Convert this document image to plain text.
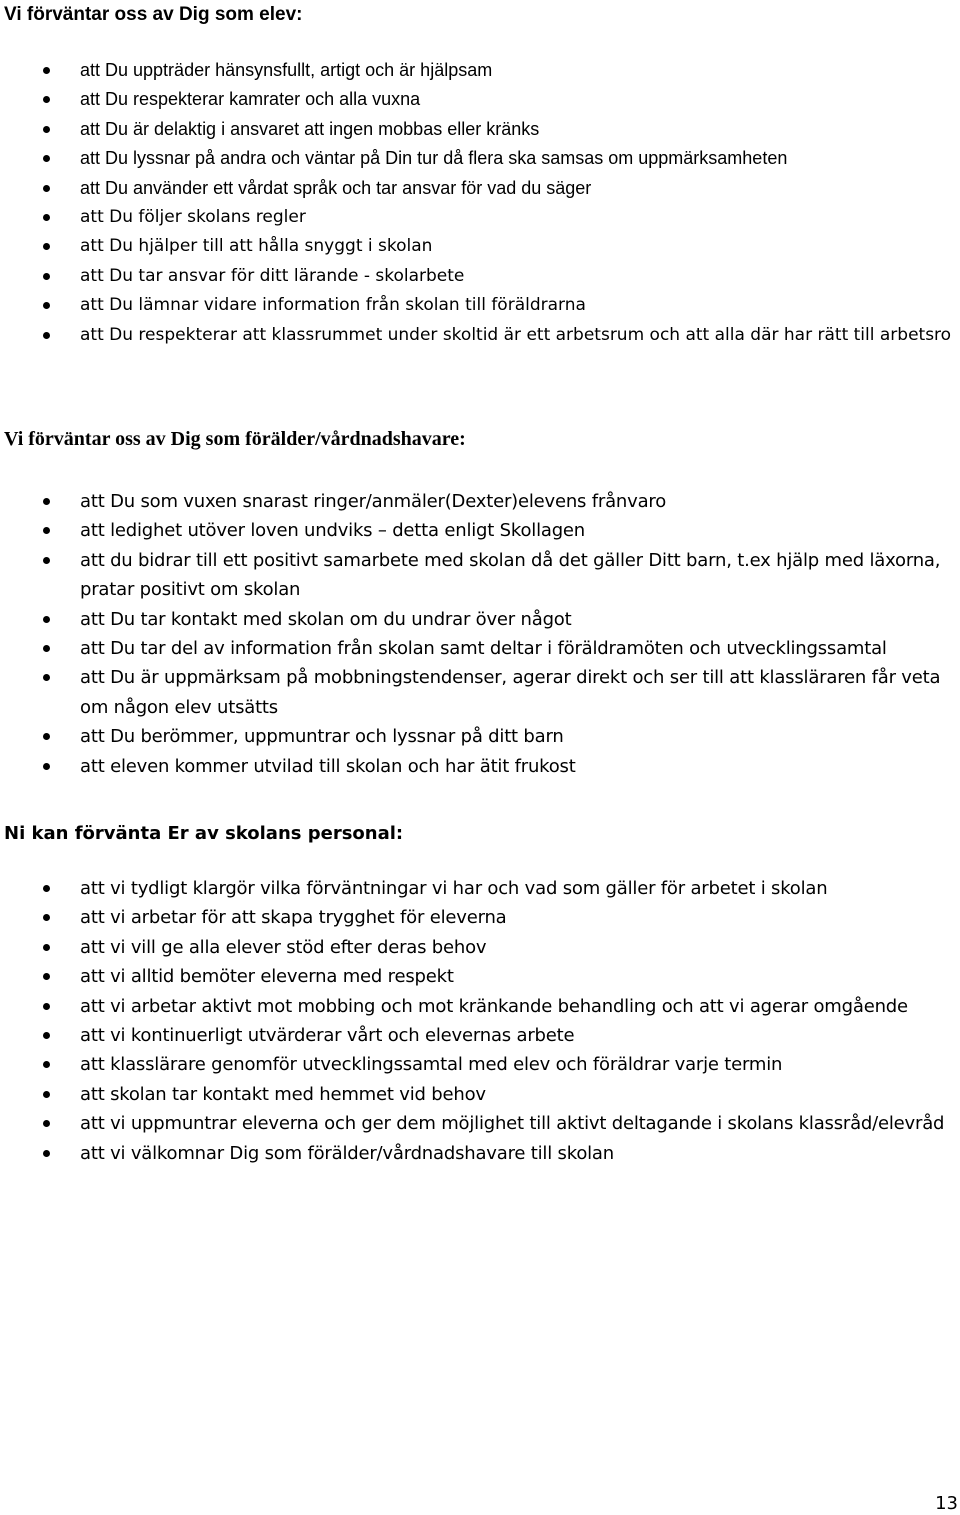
Vi förväntar oss av Dig som elev:
att Du uppträder hänsynsfullt, artigt och är hjälpsam
att Du respekterar kamrater och alla vuxna
att Du är delaktig i ansvaret att ingen mobbas eller kränks
att Du lyssnar på andra och väntar på Din tur då flera ska samsas om uppmärksamheten
att Du använder ett vårdat språk och tar ansvar för vad du säger
att Du följer skolans regler
att Du hjälper till att hålla snyggt i skolan
att Du tar ansvar för ditt lärande - skolarbete
att Du lämnar vidare information från skolan till föräldrarna
att Du respekterar att klassrummet under skoltid är ett arbetsrum och att alla där har rätt till arbetsro
Vi förväntar oss av Dig som förälder/vårdnadshavare:
att Du som vuxen snarast ringer/anmäler(Dexter)elevens frånvaro
att ledighet utöver loven undviks – detta enligt Skollagen
att du bidrar till ett positivt samarbete med skolan då det gäller Ditt barn, t.ex hjälp med läxorna, pratar positivt om skolan
att Du tar kontakt med skolan om du undrar över något
att Du tar del av information från skolan samt deltar i föräldramöten och utvecklingssamtal
att Du är uppmärksam på mobbningstendenser, agerar direkt och ser till att klassläraren får veta om någon elev utsätts
att Du berömmer, uppmuntrar och lyssnar på ditt barn
att eleven kommer utvilad till skolan och har ätit frukost
Ni kan förvänta Er av skolans personal:
att vi tydligt klargör vilka förväntningar vi har och vad som gäller för arbetet i skolan
att vi arbetar för att skapa trygghet för eleverna
att vi vill ge alla elever stöd efter deras behov
att vi alltid bemöter eleverna med respekt
att vi arbetar aktivt mot mobbing och mot kränkande behandling och att vi agerar omgående
att vi kontinuerligt utvärderar vårt och elevernas arbete
att klasslärare genomför utvecklingssamtal med elev och föräldrar varje termin
att skolan tar kontakt med hemmet vid behov
att vi uppmuntrar eleverna och ger dem möjlighet till aktivt deltagande i skolans klassråd/elevråd
att vi välkomnar Dig som förälder/vårdnadshavare till skolan
13
